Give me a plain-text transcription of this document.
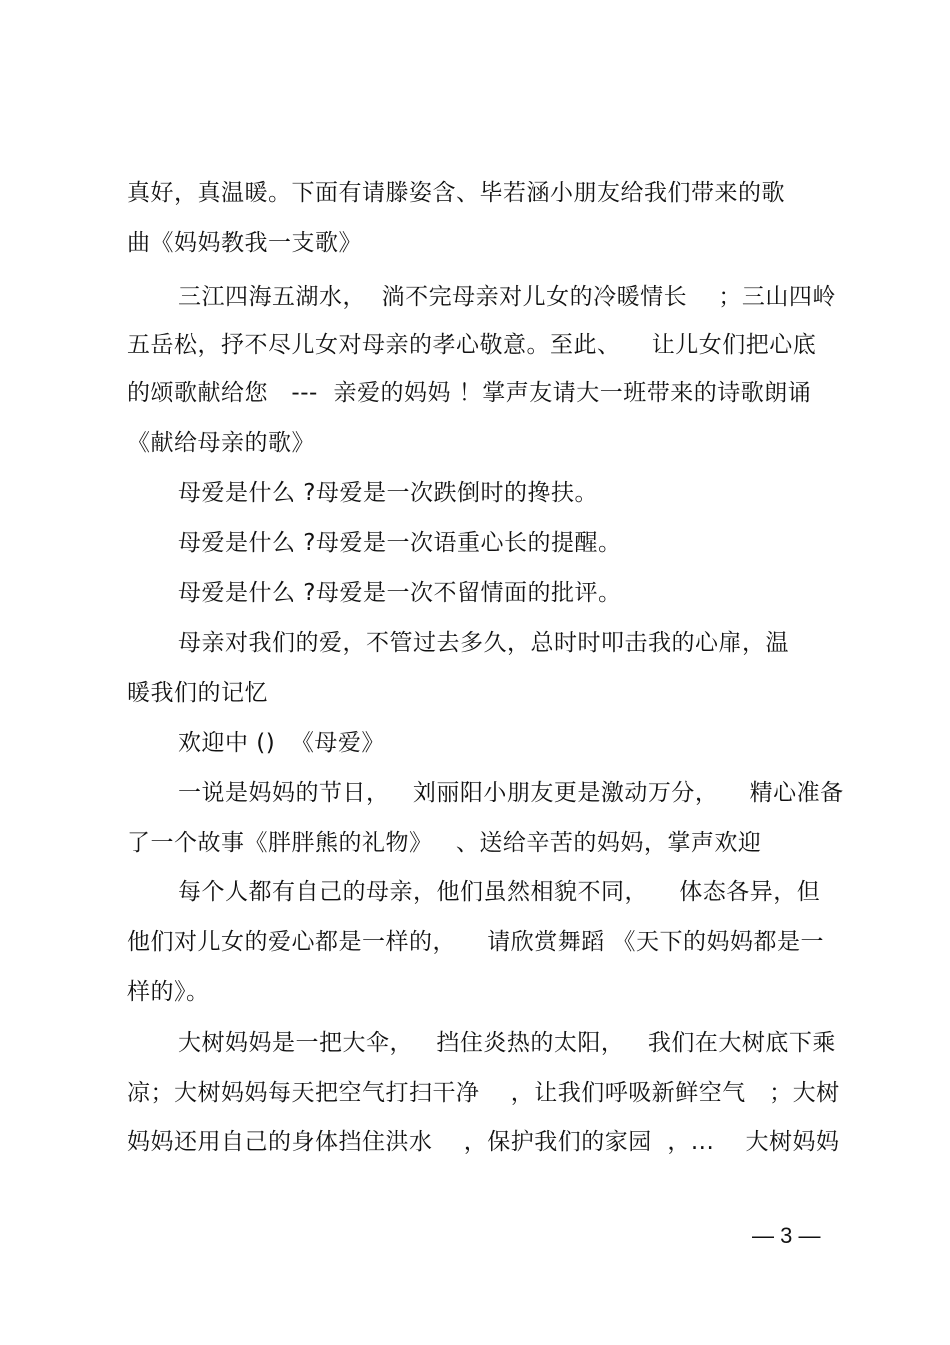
真好，真温暖。下面有请滕姿含、毕若涵小朋友给我们带来的歌
曲《妈妈教我一支歌》
三江四海五湖水，  淌不完母亲对儿女的冷暖情长    ；三山四岭
五岳松，抒不尽儿女对母亲的孝心敬意。至此、    让儿女们把心底
的颂歌献给您   ---  亲爱的妈妈 ！掌声友请大一班带来的诗歌朗诵
《献给母亲的歌》
母爱是什么 ?母爱是一次跌倒时的搀扶。
母爱是什么 ?母爱是一次语重心长的提醒。
母爱是什么 ?母爱是一次不留情面的批评。
母亲对我们的爱，不管过去多久，总时时叩击我的心扉，温
暖我们的记忆
欢迎中 ()  《母爱》
一说是妈妈的节日，   刘丽阳小朋友更是激动万分，    精心准备
了一个故事《胖胖熊的礼物》   、送给辛苦的妈妈，掌声欢迎
每个人都有自己的母亲，他们虽然相貌不同，    体态各异，但
他们对儿女的爱心都是一样的，    请欣赏舞蹈 《天下的妈妈都是一
样的》。
大树妈妈是一把大伞，   挡住炎热的太阳，   我们在大树底下乘
凉；大树妈妈每天把空气打扫干净    ，让我们呼吸新鲜空气   ；大树
妈妈还用自己的身体挡住洪水    ，保护我们的家园  ，...    大树妈妈
— 3 —
